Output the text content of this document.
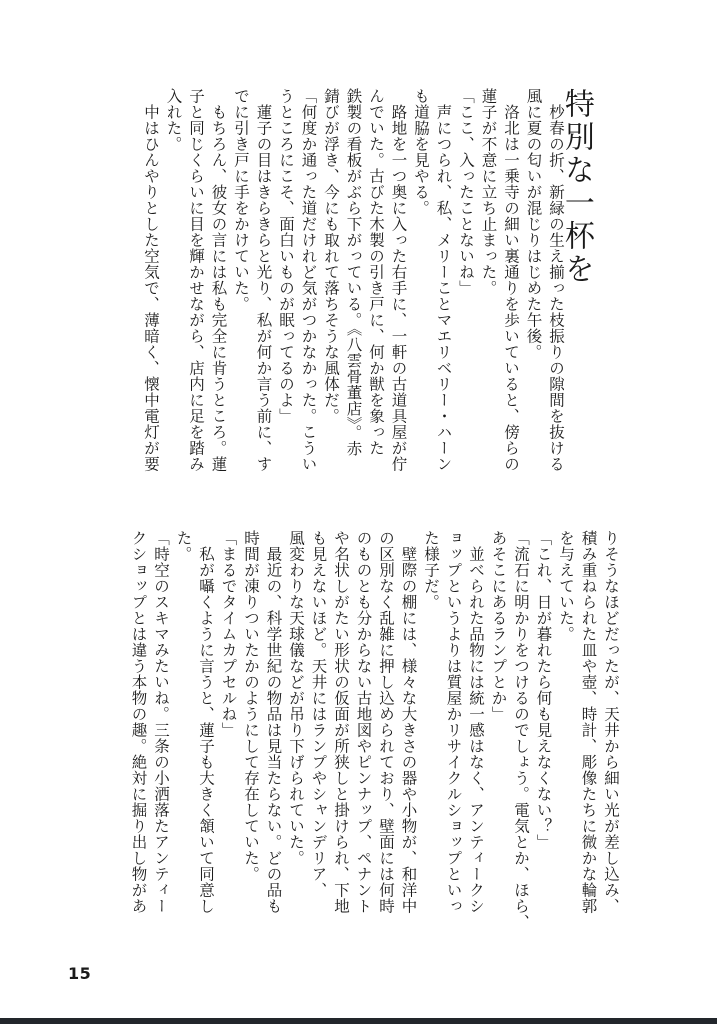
特別な一杯を
　杪春の折、新緑の生え揃った枝振りの隙間を抜ける
風に夏の匂いが混じりはじめた午後。
　洛北は一乗寺の細い裏通りを歩いていると、傍らの
蓮子が不意に立ち止まった。
「ここ、入ったことないね」
　声につられ、私、メリーことマエリベリー・ハーン
も道脇を見やる。
　路地を一つ奥に入った右手に、一軒の古道具屋が佇
んでいた。古びた木製の引き戸に、何か獣を象った
鉄製の看板がぶら下がっている。《八雲骨董店》。赤
錆びが浮き、今にも取れて落ちそうな風体だ。
「何度か通った道だけれど気がつかなかった。こうい
うところにこそ、面白いものが眠ってるのよ」
　蓮子の目はきらきらと光り、私が何か言う前に、す
でに引き戸に手をかけていた。
　もちろん、彼女の言には私も完全に肯うところ。蓮
子と同じくらいに目を輝かせながら、店内に足を踏み
入れた。
　中はひんやりとした空気で、薄暗く、懐中電灯が要
りそうなほどだったが、天井から細い光が差し込み、
積み重ねられた皿や壺、時計、彫像たちに微かな輪郭
を与えていた。
「これ、日が暮れたら何も見えなくない？」
「流石に明かりをつけるのでしょう。電気とか、ほら、
あそこにあるランプとか」
　並べられた品物には統一感はなく、アンティークシ
ョップというよりは質屋かリサイクルショップといっ
た様子だ。
　壁際の棚には、様々な大きさの器や小物が、和洋中
の区別なく乱雑に押し込められており、壁面には何時
のものとも分からない古地図やピンナップ、ペナント
や名状しがたい形状の仮面が所狭しと掛けられ、下地
も見えないほど。天井にはランプやシャンデリア、
風変わりな天球儀などが吊り下げられていた。
　最近の、科学世紀の物品は見当たらない。どの品も
時間が凍りついたかのようにして存在していた。
「まるでタイムカプセルね」
　私が囁くように言うと、蓮子も大きく頷いて同意し
た。
「時空のスキマみたいね。三条の小洒落たアンティー
クショップとは違う本物の趣。絶対に掘り出し物があ
15
